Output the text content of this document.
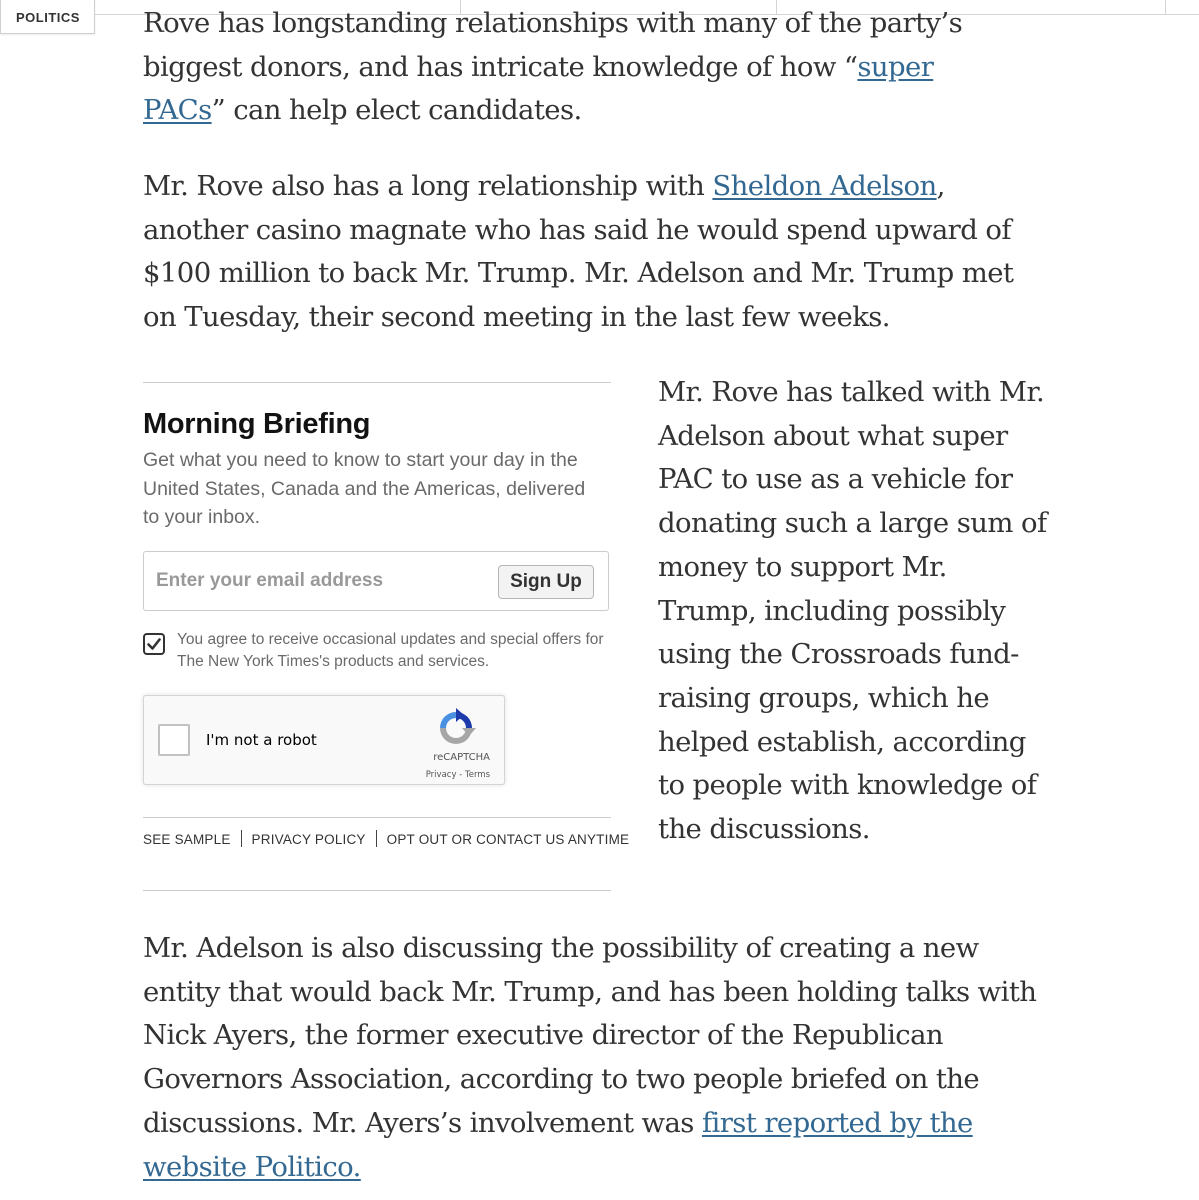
POLITICS	Rove has longstanding relationships with many of the party’s biggest donors, and has intricate knowledge of how “super PACs” can help elect candidates.

Mr. Rove also has a long relationship with Sheldon Adelson, another casino magnate who has said he would spend upward of $100 million to back Mr. Trump. Mr. Adelson and Mr. Trump met on Tuesday, their second meeting in the last few weeks.

Mr. Rove has talked with Mr. Adelson about what super PAC to use as a vehicle for donating such a large sum of money to support Mr. Trump, including possibly using the Crossroads fund-raising groups, which he helped establish, according to people with knowledge of the discussions.

Mr. Adelson is also discussing the possibility of creating a new entity that would back Mr. Trump, and has been holding talks with Nick Ayers, the former executive director of the Republican Governors Association, according to two people briefed on the discussions. Mr. Ayers’s involvement was first reported by the website Politico.

Morning Briefing

Get what you need to know to start your day in the United States, Canada and the Americas, delivered to your inbox.

Enter your email address
Sign Up

You agree to receive occasional updates and special offers for The New York Times's products and services.

I'm not a robot
reCAPTCHA
Privacy - Terms
SEE SAMPLE PRIVACY POLICY OPT OUT OR CONTACT US ANYTIME
